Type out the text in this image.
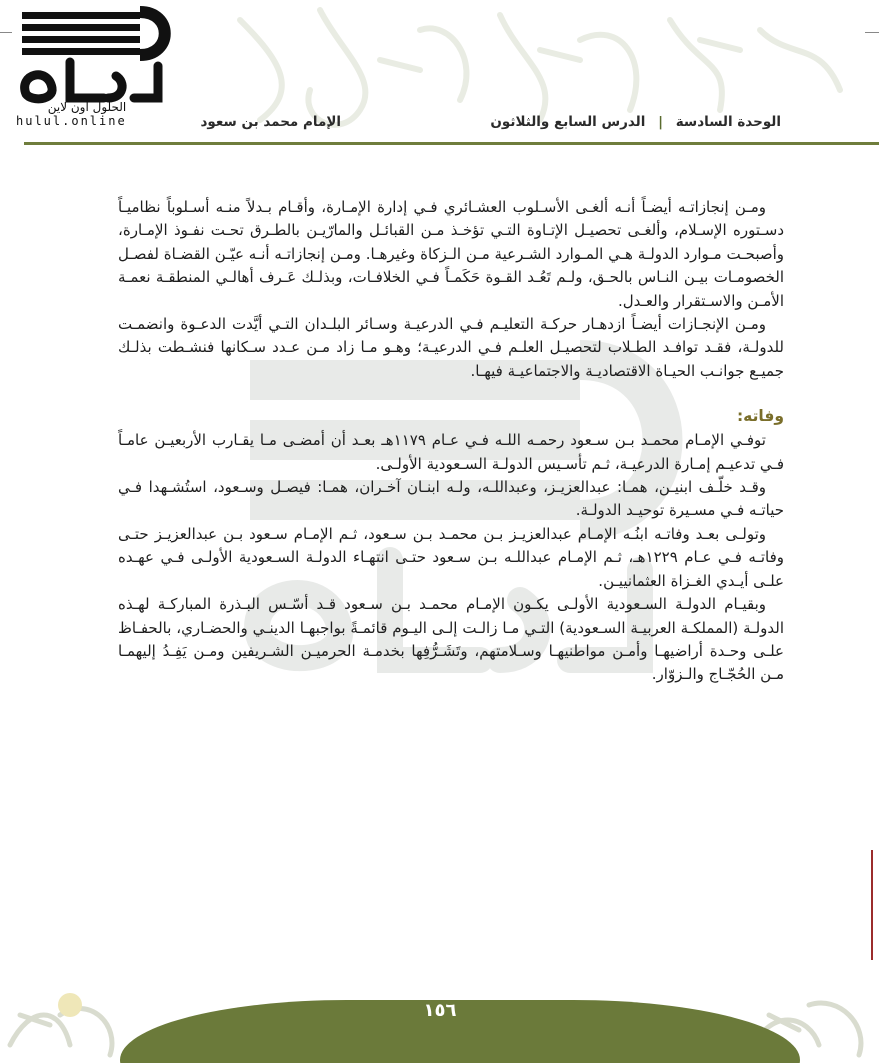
الحلول اون لاين
hulul.online	الوحدة السادسة | الدرس السابع والثلاثون
الإمام محمد بن سعود

ومـن إنجازاتـه أيضـاً أنـه ألغـى الأسـلوب العشـائري فـي إدارة الإمـارة، وأقـام بـدلاً منـه أسـلوباً نظاميـاً دسـتوره الإسـلام، وألغـى تحصيـل الإتـاوة التـي تؤخـذ مـن القبائـل والمارّيـن بالطـرق تحـت نفـوذ الإمـارة، وأصبحـت مـوارد الدولـة هـي المـوارد الشـرعية مـن الـزكاة وغيرهـا. ومـن إنجازاتـه أنـه عيّـن القضـاة لفصـل الخصومـات بيـن النـاس بالحـق، ولـم تَعُـد القـوة حَكَمـاً فـي الخلافـات، وبذلـك عَـرف أهالـي المنطقـة نعمـة الأمـن والاسـتقرار والعـدل.

ومـن الإنجـازات أيضـاً ازدهـار حركـة التعليـم فـي الدرعيـة وسـائر البلـدان التـي أيَّدت الدعـوة وانضمـت للدولـة، فقـد توافـد الطـلاب لتحصيـل العلـم فـي الدرعيـة؛ وهـو مـا زاد مـن عـدد سـكانها فنشـطت بذلـك جميـع جوانـب الحيـاة الاقتصاديـة والاجتماعيـة فيهـا.

وفاته:

توفـي الإمـام محمـد بـن سـعود رحمـه اللـه فـي عـام ١١٧٩هـ بعـد أن أمضـى مـا يقـارب الأربعيـن عامـاً فـي تدعيـم إمـارة الدرعيـة، ثـم تأسـيس الدولـة السـعودية الأولـى.

وقـد خلّـف ابنيـن، همـا: عبدالعزيـز، وعبداللـه، ولـه ابنـان آخـران، همـا: فيصـل وسـعود، استُشـهدا فـي حياتـه فـي مسـيرة توحيـد الدولـة.

وتولـى بعـد وفاتـه ابنُـه الإمـام عبدالعزيـز بـن محمـد بـن سـعود، ثـم الإمـام سـعود بـن عبدالعزيـز حتـى وفاتـه فـي عـام ١٢٢٩هـ، ثـم الإمـام عبداللـه بـن سـعود حتـى انتهـاء الدولـة السـعودية الأولـى فـي عهـده علـى أيـدي الغـزاة العثمانييـن.

وبقيـام الدولـة السـعودية الأولـى يكـون الإمـام محمـد بـن سـعود قـد أسّـس البـذرة المباركـة لهـذه الدولـة (المملكـة العربيـة السـعودية) التـي مـا زالـت إلـى اليـوم قائمـةً بواجبهـا الدينـي والحضـاري، بالحفـاظ علـى وحـدة أراضيهـا وأمـن مواطنيهـا وسـلامتهم، وتَشَـرُّفِها بخدمـة الحرميـن الشـريفين ومـن يَفِـدُ إليهمـا مـن الحُجّـاج والـزوّار.

١٥٦
